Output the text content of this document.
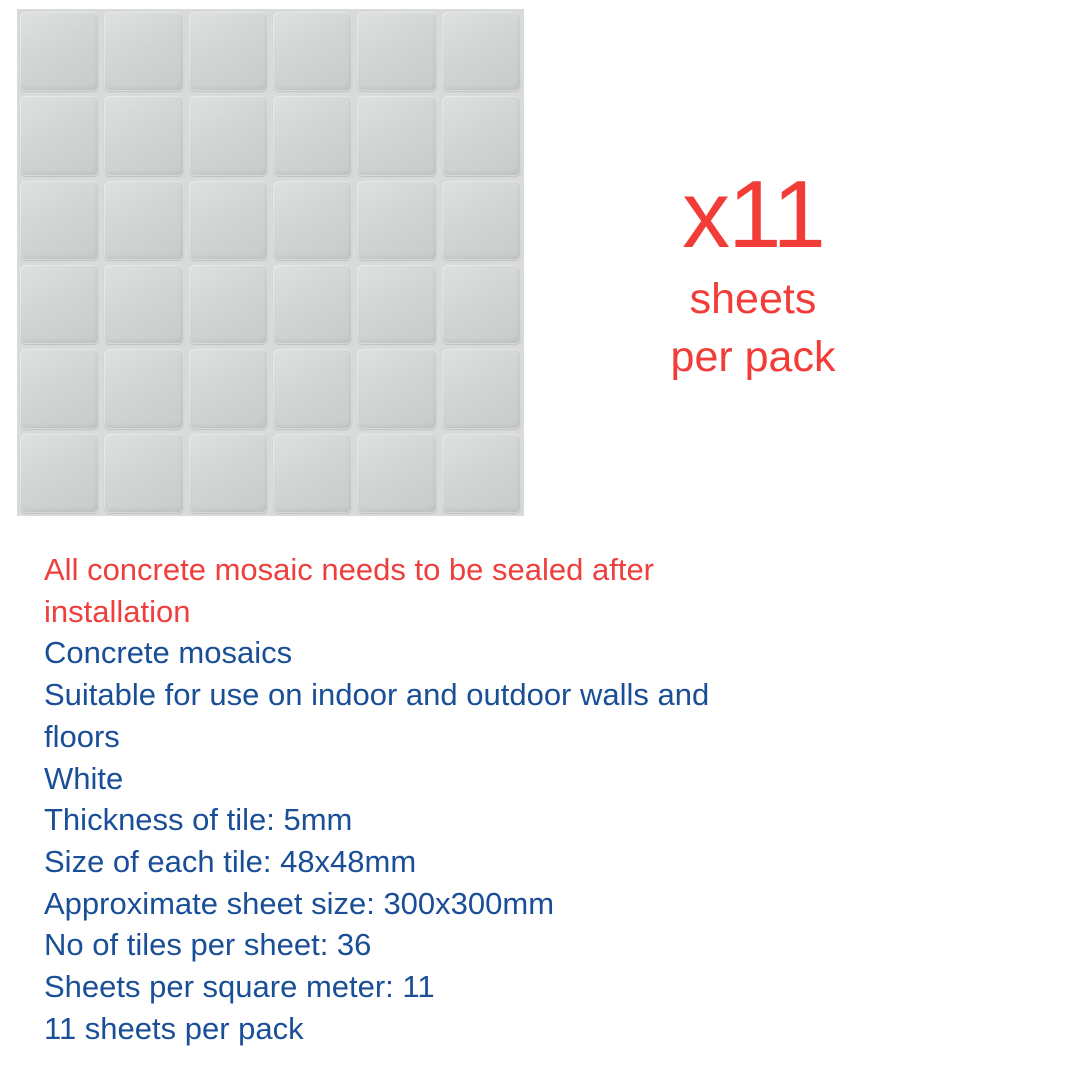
x11
sheets
per pack
All concrete mosaic needs to be sealed after installation
Concrete mosaics
Suitable for use on indoor and outdoor walls and floors
White
Thickness of tile: 5mm
Size of each tile: 48x48mm
Approximate sheet size: 300x300mm
No of tiles per sheet: 36
Sheets per square meter: 11
11 sheets per pack
